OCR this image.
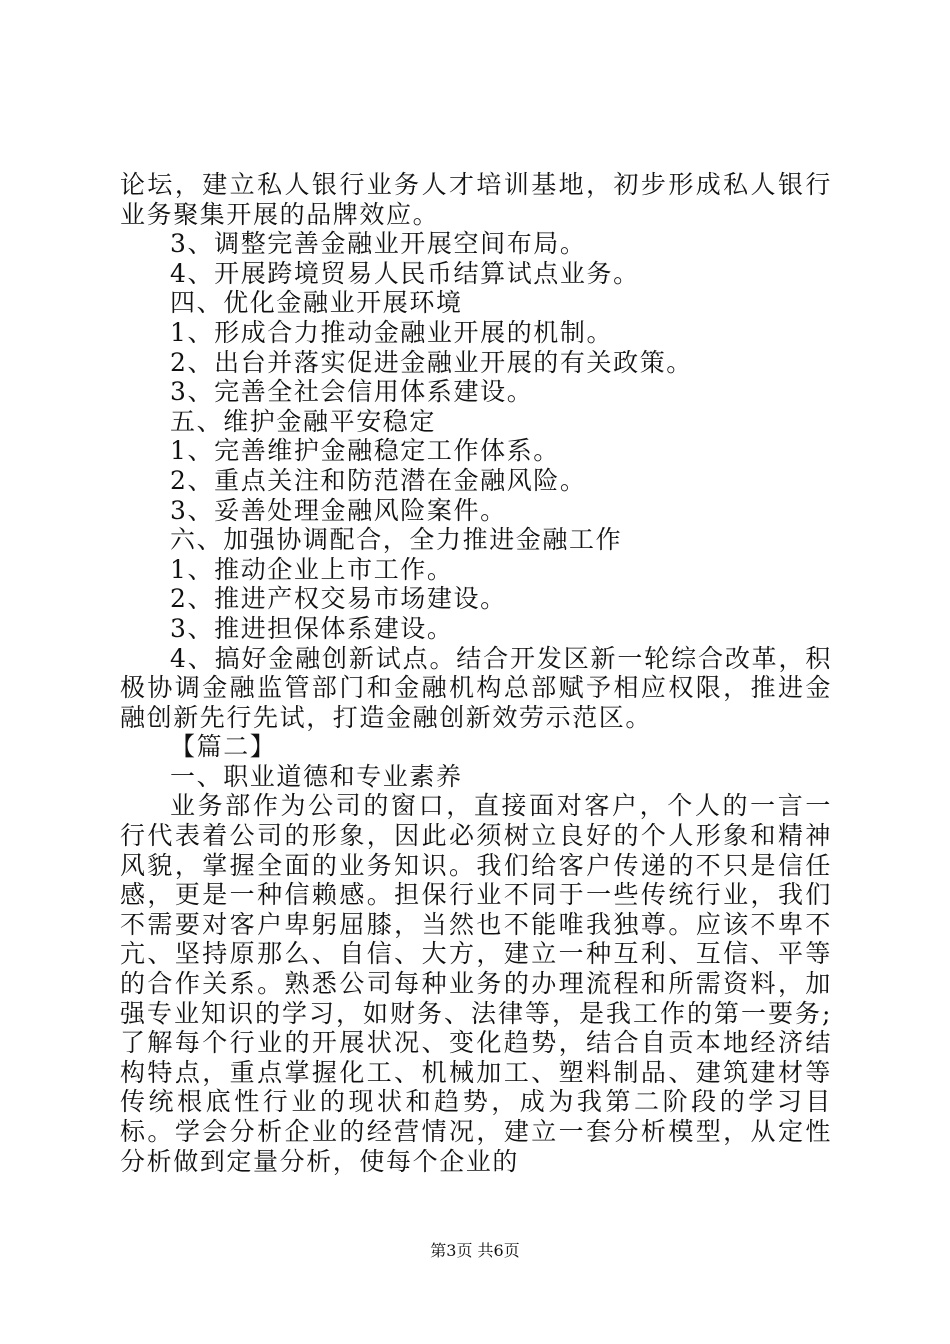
论坛，建立私人银行业务人才培训基地，初步形成私人银行业务聚集开展的品牌效应。

3、调整完善金融业开展空间布局。

4、开展跨境贸易人民币结算试点业务。

四、优化金融业开展环境

1、形成合力推动金融业开展的机制。

2、出台并落实促进金融业开展的有关政策。

3、完善全社会信用体系建设。

五、维护金融平安稳定

1、完善维护金融稳定工作体系。

2、重点关注和防范潜在金融风险。

3、妥善处理金融风险案件。

六、加强协调配合，全力推进金融工作

1、推动企业上市工作。

2、推进产权交易市场建设。

3、推进担保体系建设。

4、搞好金融创新试点。结合开发区新一轮综合改革，积极协调金融监管部门和金融机构总部赋予相应权限，推进金融创新先行先试，打造金融创新效劳示范区。

【篇二】

一、职业道德和专业素养

业务部作为公司的窗口，直接面对客户，个人的一言一行代表着公司的形象，因此必须树立良好的个人形象和精神风貌，掌握全面的业务知识。我们给客户传递的不只是信任感，更是一种信赖感。担保行业不同于一些传统行业，我们不需要对客户卑躬屈膝，当然也不能唯我独尊。应该不卑不亢、坚持原那么、自信、大方，建立一种互利、互信、平等的合作关系。熟悉公司每种业务的办理流程和所需资料，加强专业知识的学习，如财务、法律等，是我工作的第一要务;了解每个行业的开展状况、变化趋势，结合自贡本地经济结构特点，重点掌握化工、机械加工、塑料制品、建筑建材等传统根底性行业的现状和趋势，成为我第二阶段的学习目标。学会分析企业的经营情况，建立一套分析模型，从定性分析做到定量分析，使每个企业的

第3页 共6页
